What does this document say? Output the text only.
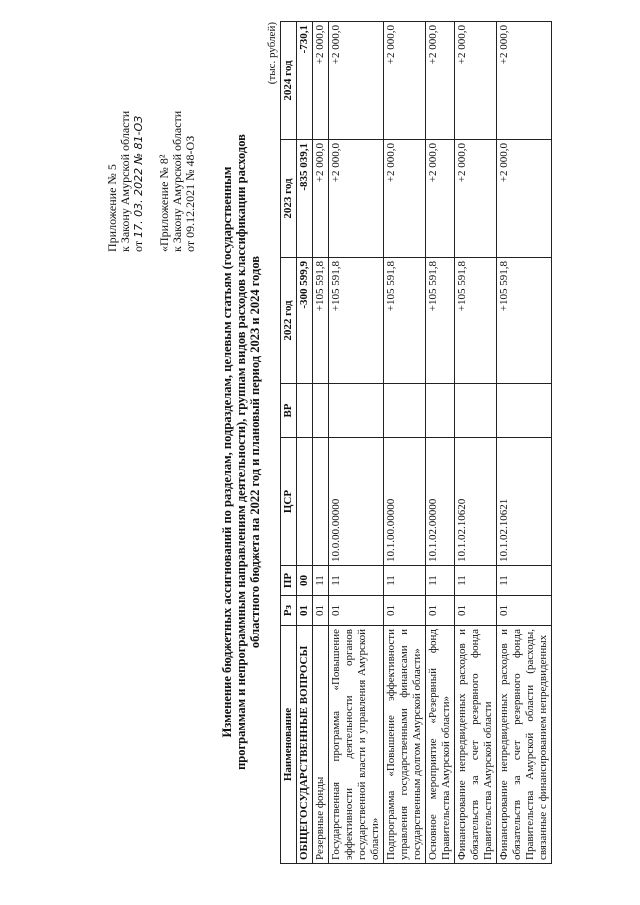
Приложение № 5 к Закону Амурской области от 17. 03. 2022 № 81-ОЗ «Приложение № 8² к Закону Амурской области от 09.12.2021 № 48-ОЗ Изменение бюджетных ассигнований по разделам, подразделам, целевым статьям (государственным программам и непрограммным направлениям деятельности), группам видов расходов классификации расходов областного бюджета на 2022 год и плановый период 2023 и 2024 годов
(тыс. рублей)
Наименование	Рз	ПР	ЦСР	ВР	2022 год	2023 год	2024 год
ОБЩЕГОСУДАРСТВЕННЫЕ ВОПРОСЫ	01	00			-300 599,9	-835 039,1	-730,1
Резервные фонды	01	11			+105 591,8	+2 000,0	+2 000,0
Государственная программа «Повышение эффективности деятельности органов государственной власти и управления Амурской области»	01	11	10.0.00.00000		+105 591,8	+2 000,0	+2 000,0
Подпрограмма «Повышение эффективности управления государственными финансами и государственным долгом Амурской области»	01	11	10.1.00.00000		+105 591,8	+2 000,0	+2 000,0
Основное мероприятие «Резервный фонд Правительства Амурской области»	01	11	10.1.02.00000		+105 591,8	+2 000,0	+2 000,0
Финансирование непредвиденных расходов и обязательств за счет резервного фонда Правительства Амурской области	01	11	10.1.02.10620		+105 591,8	+2 000,0	+2 000,0
Финансирование непредвиденных расходов и обязательств за счет резервного фонда Правительства Амурской области (расходы, связанные с финансированием непредвиденных	01	11	10.1.02.10621		+105 591,8	+2 000,0	+2 000,0
